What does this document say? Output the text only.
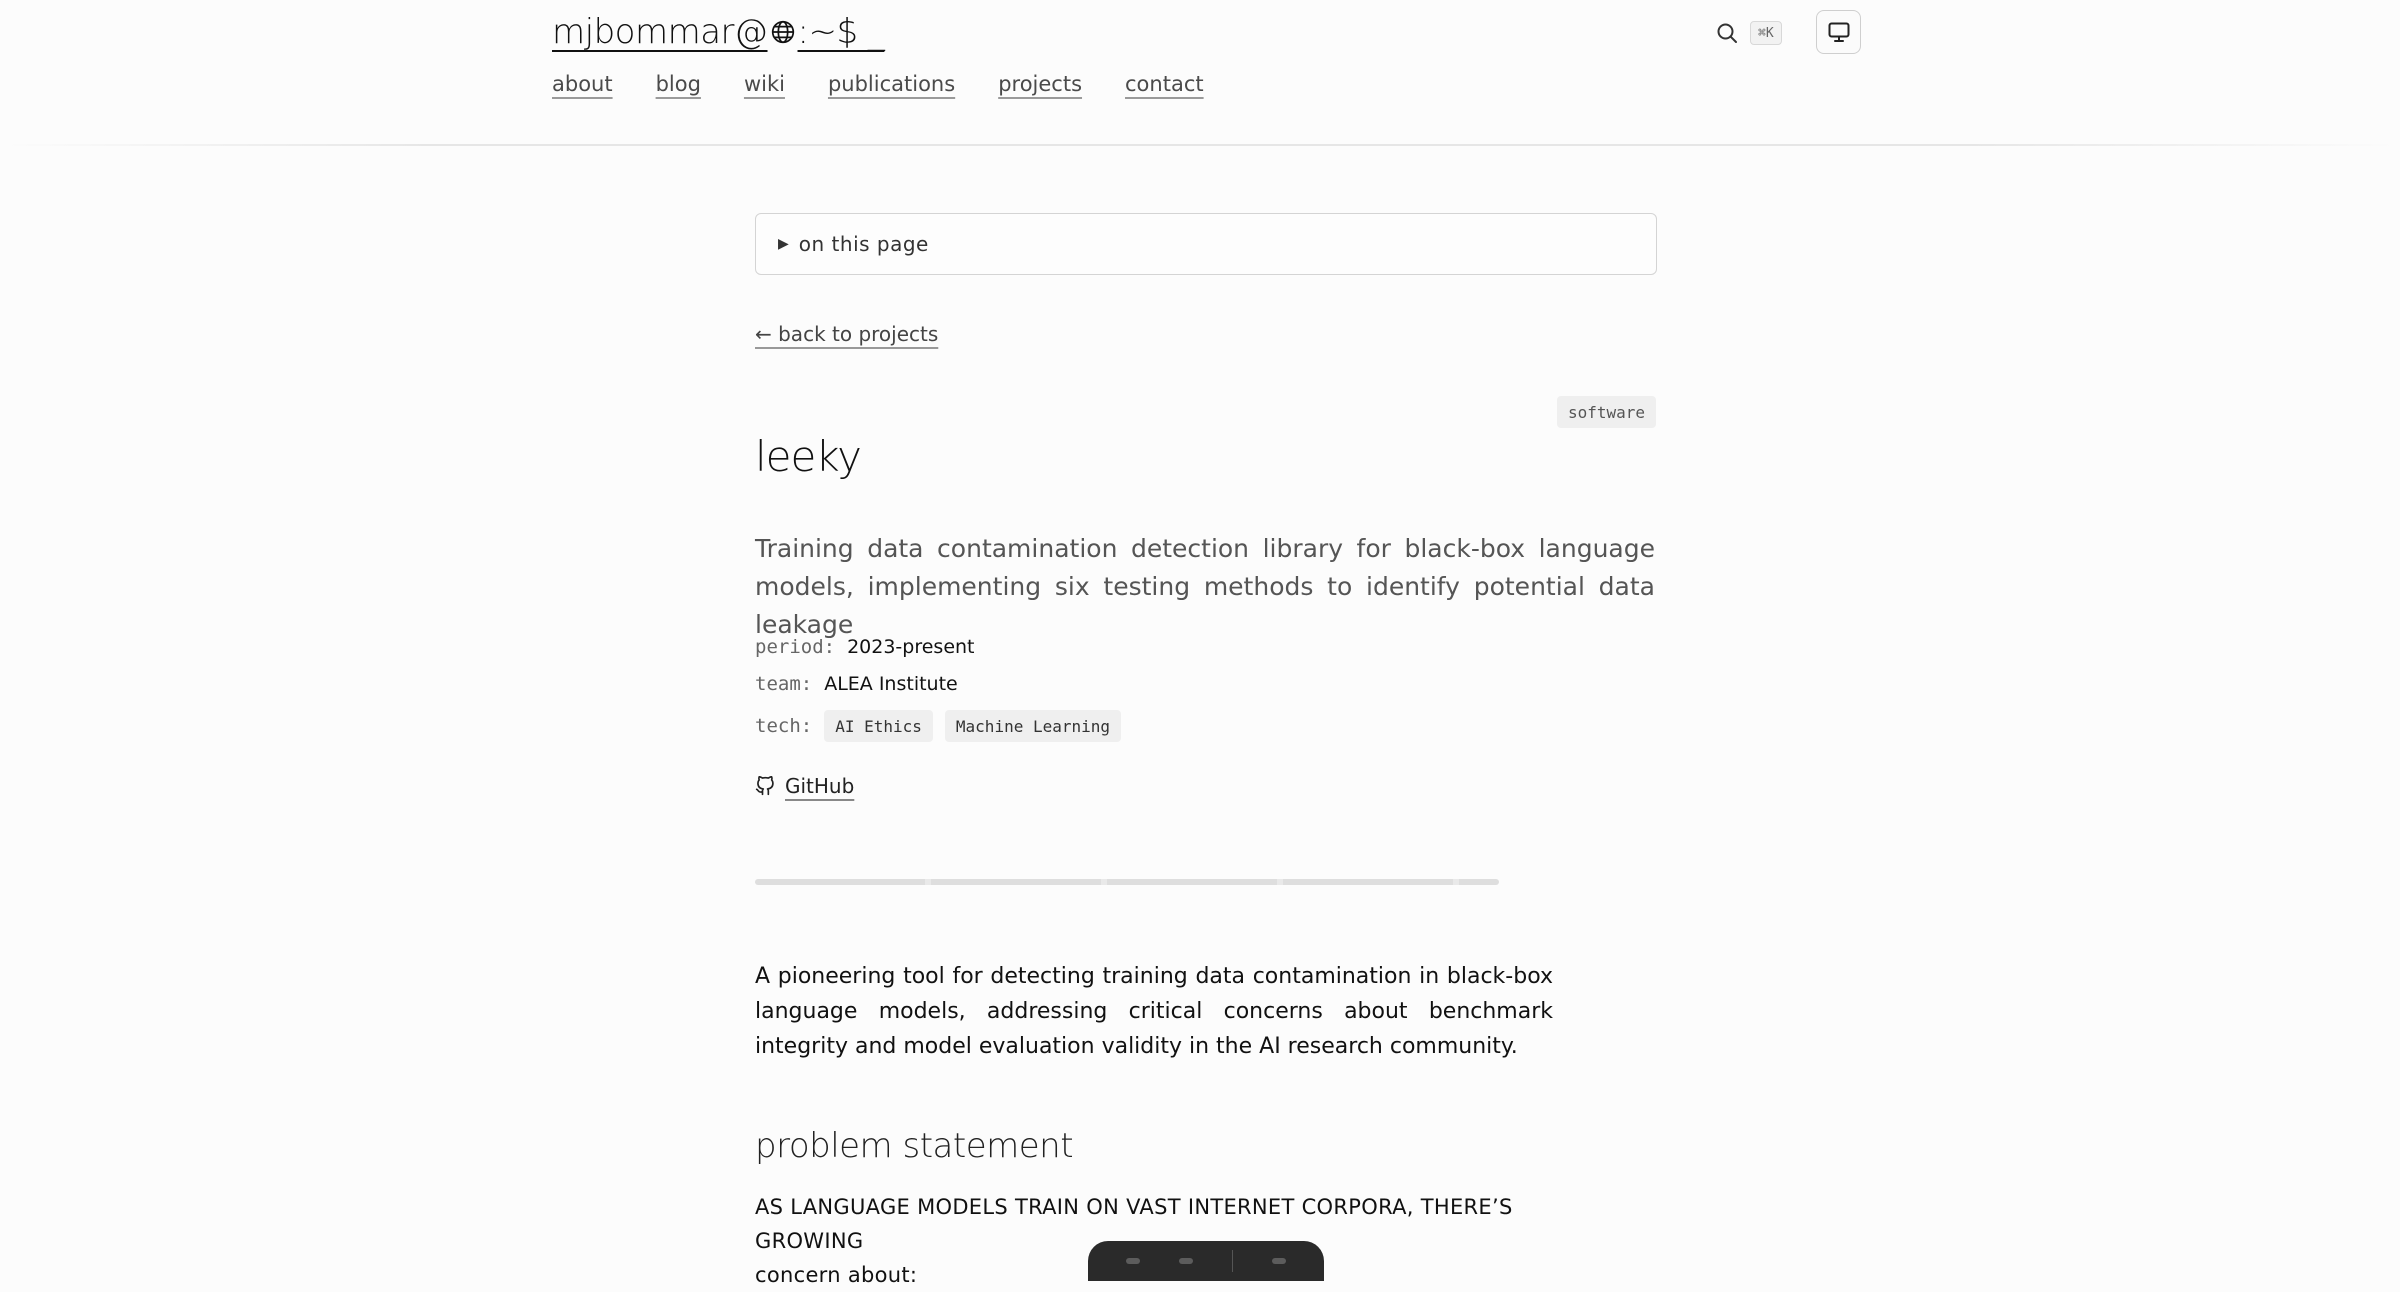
mjbommar@ :~$ _
about blog wiki publications projects contact
⌘K
▶ on this page
← back to projects
software
leeky

Training data contamination detection library for black-box language models, implementing six testing methods to identify potential data leakage

period: 2023-present
team: ALEA Institute
tech:	AI Ethics	Machine Learning
GitHub

A pioneering tool for detecting training data contamination in black-box language models, addressing critical concerns about benchmark integrity and model evaluation validity in the AI research community.

problem statement

AS LANGUAGE MODELS TRAIN ON VAST INTERNET CORPORA, THERE’S GROWING
concern about:
